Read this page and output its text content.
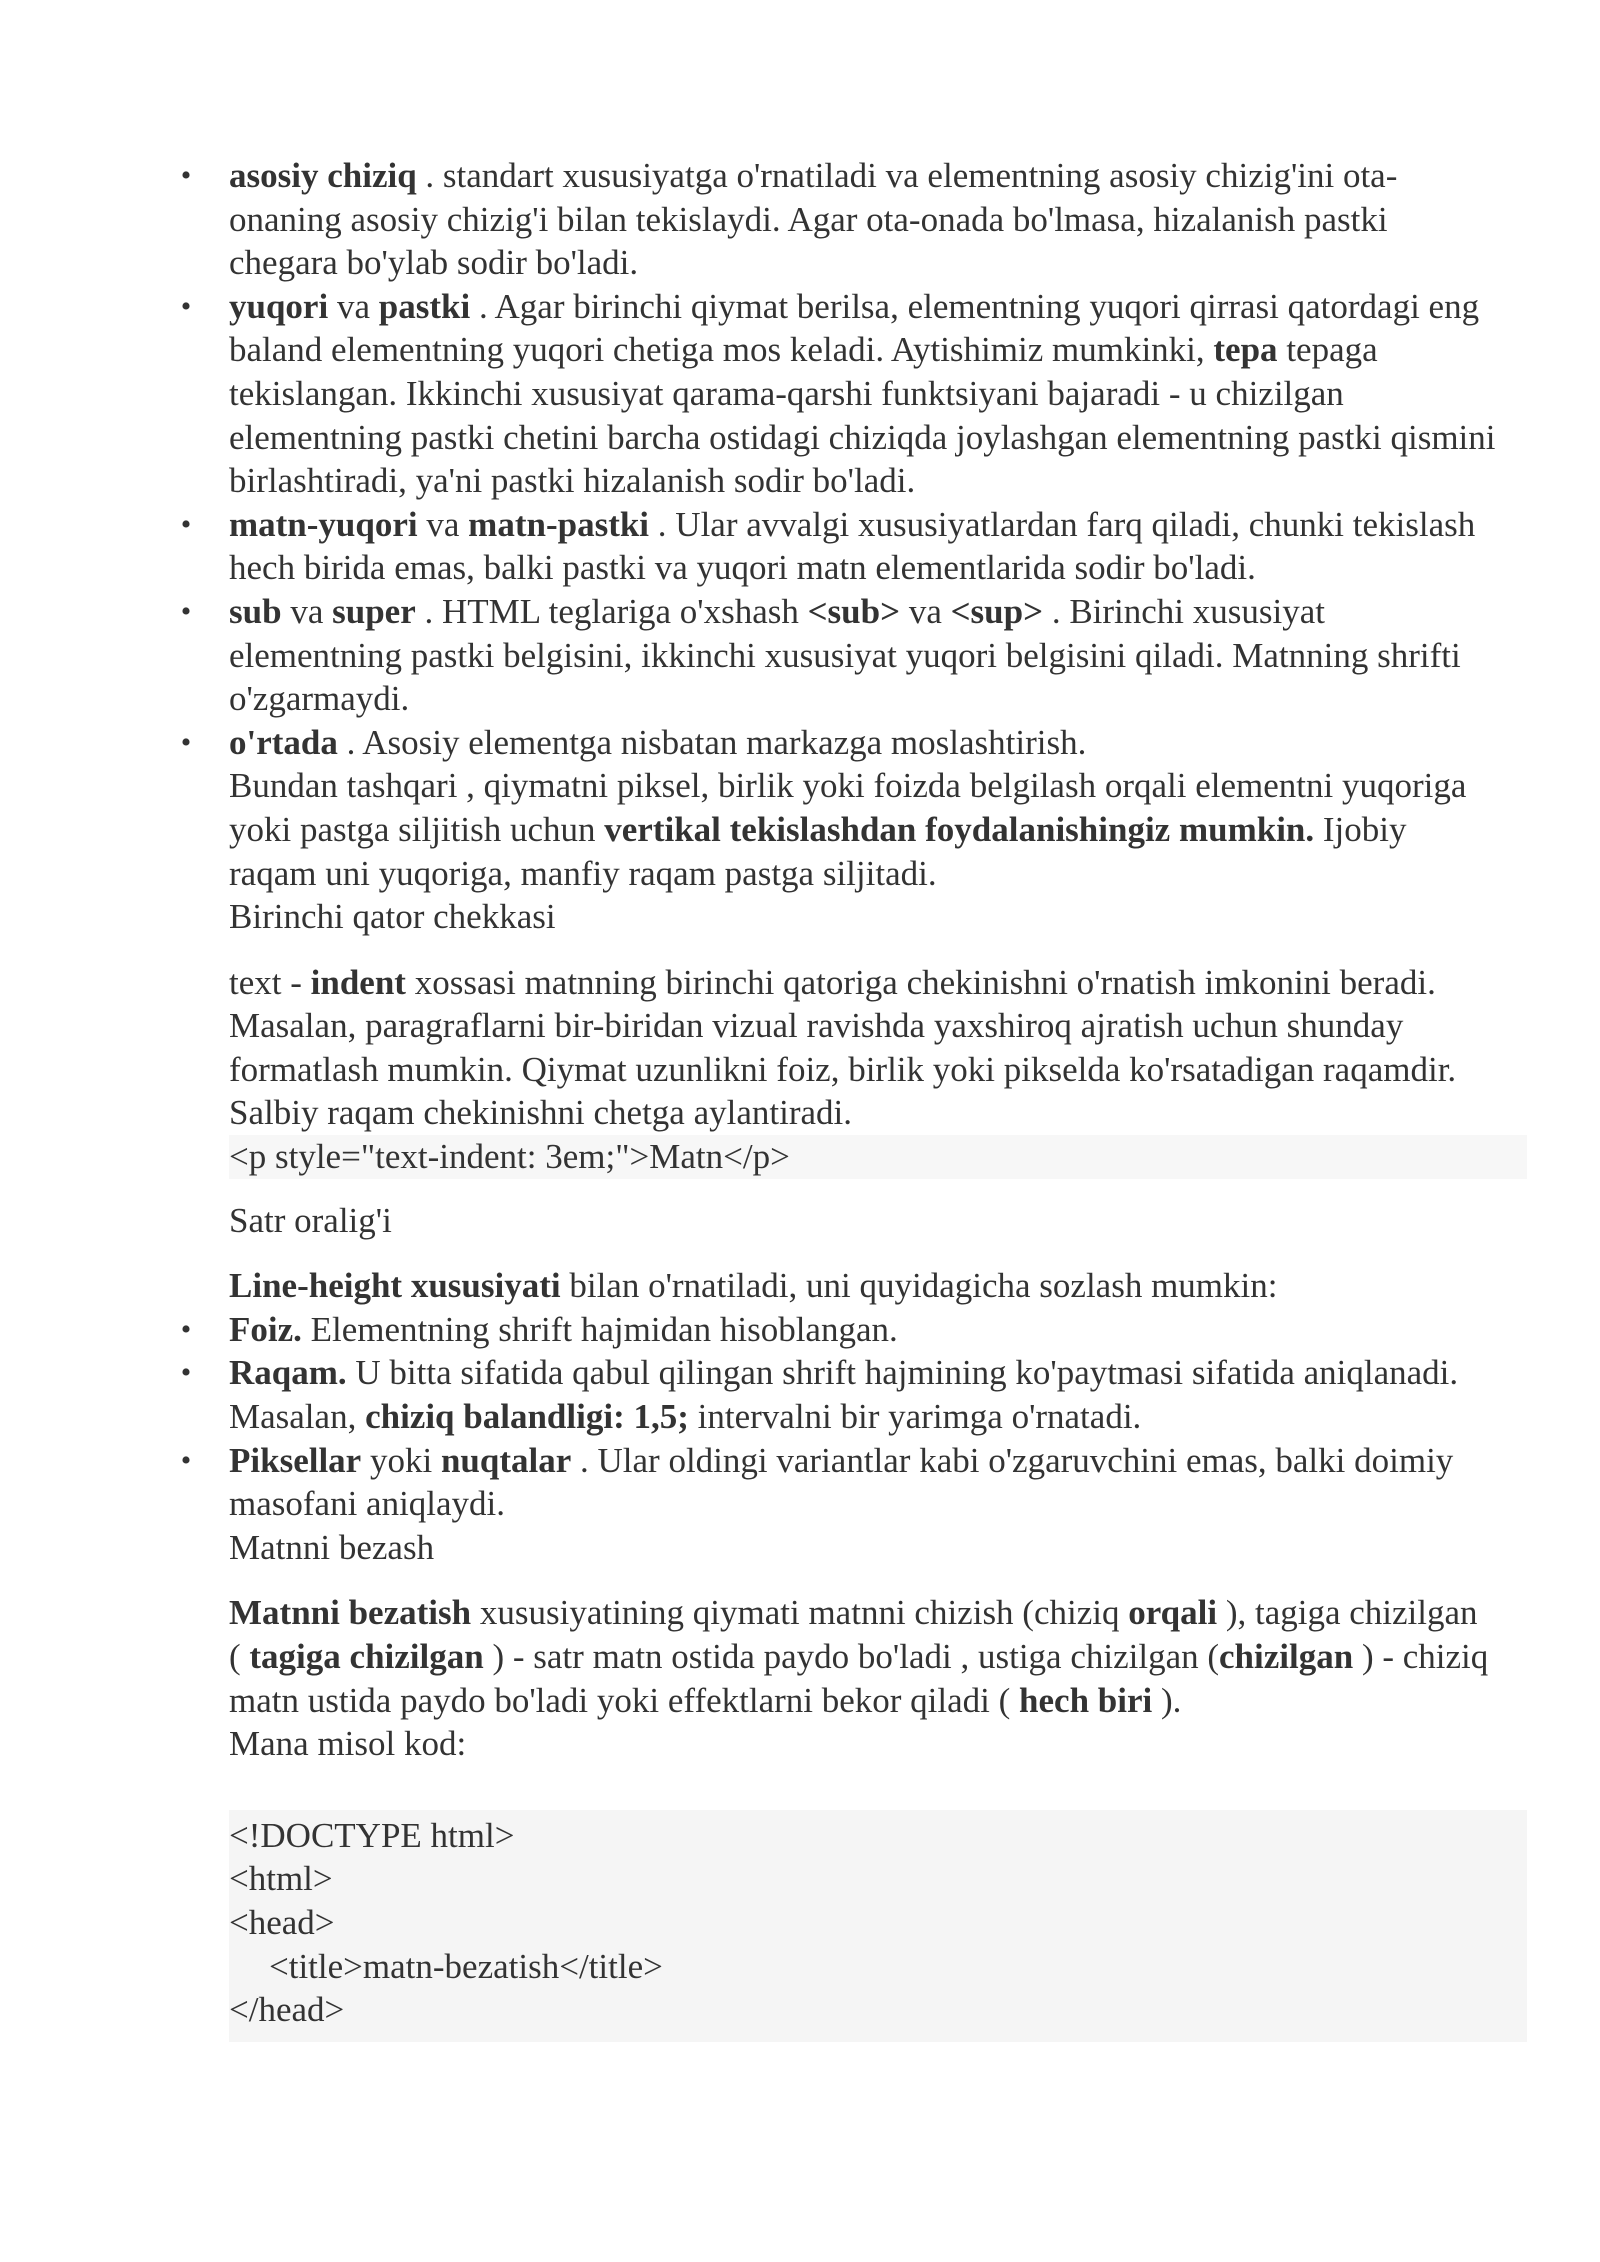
• asosiy chiziq . standart xususiyatga o'rnatiladi va elementning asosiy chizig'ini ota-onaning asosiy chizig'i bilan tekislaydi. Agar ota-onada bo'lmasa, hizalanish pastki chegara bo'ylab sodir bo'ladi.
• yuqori va pastki . Agar birinchi qiymat berilsa, elementning yuqori qirrasi qatordagi eng baland elementning yuqori chetiga mos keladi. Aytishimiz mumkinki, tepa tepaga tekislangan. Ikkinchi xususiyat qarama-qarshi funktsiyani bajaradi - u chizilgan elementning pastki chetini barcha ostidagi chiziqda joylashgan elementning pastki qismini birlashtiradi, ya'ni pastki hizalanish sodir bo'ladi.
• matn-yuqori va matn-pastki . Ular avvalgi xususiyatlardan farq qiladi, chunki tekislash hech birida emas, balki pastki va yuqori matn elementlarida sodir bo'ladi.
• sub va super . HTML teglariga o'xshash <sub> va <sup> . Birinchi xususiyat elementning pastki belgisini, ikkinchi xususiyat yuqori belgisini qiladi. Matnning shrifti o'zgarmaydi.
• o'rtada . Asosiy elementga nisbatan markazga moslashtirish.
Bundan tashqari , qiymatni piksel, birlik yoki foizda belgilash orqali elementni yuqoriga yoki pastga siljitish uchun vertikal tekislashdan foydalanishingiz mumkin. Ijobiy raqam uni yuqoriga, manfiy raqam pastga siljitadi.
Birinchi qator chekkasi

text - indent xossasi matnning birinchi qatoriga chekinishni o'rnatish imkonini beradi. Masalan, paragraflarni bir-biridan vizual ravishda yaxshiroq ajratish uchun shunday formatlash mumkin. Qiymat uzunlikni foiz, birlik yoki pikselda ko'rsatadigan raqamdir. Salbiy raqam chekinishni chetga aylantiradi.

<p style="text-indent: 3em;">Matn</p>
Satr oralig'i

Line-height xususiyati bilan o'rnatiladi, uni quyidagicha sozlash mumkin:

• Foiz. Elementning shrift hajmidan hisoblangan.
• Raqam. U bitta sifatida qabul qilingan shrift hajmining ko'paytmasi sifatida aniqlanadi. Masalan, chiziq balandligi: 1,5; intervalni bir yarimga o'rnatadi.
• Piksellar yoki nuqtalar . Ular oldingi variantlar kabi o'zgaruvchini emas, balki doimiy masofani aniqlaydi.
Matnni bezash

Matnni bezatish xususiyatining qiymati matnni chizish (chiziq orqali ), tagiga chizilgan ( tagiga chizilgan ) - satr matn ostida paydo bo'ladi , ustiga chizilgan (chizilgan ) - chiziq matn ustida paydo bo'ladi yoki effektlarni bekor qiladi ( hech biri ).

Mana misol kod:
<!DOCTYPE html>
<html>
<head>
<title>matn-bezatish</title>
</head>
